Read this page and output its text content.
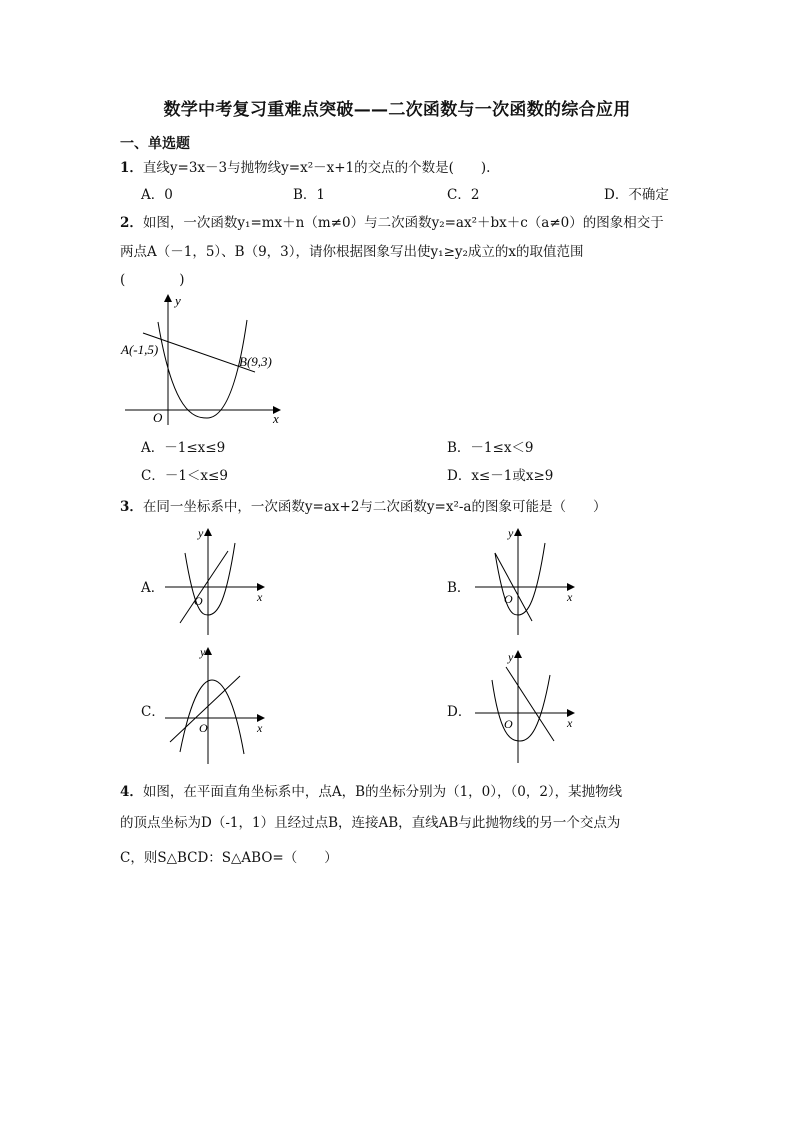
数学中考复习重难点突破——二次函数与一次函数的综合应用
一、单选题
1．直线y=3x－3与抛物线y=x²－x+1的交点的个数是(　　).
A．0	B．1	C．2	D．不确定
2．如图，一次函数y₁=mx＋n（m≠0）与二次函数y₂=ax²＋bx＋c（a≠0）的图象相交于
两点A（－1，5）、B（9，3），请你根据图象写出使y₁≥y₂成立的x的取值范围
(　　　　)
y
x
O
A(-1,5)
B(9,3)
A．－1≤x≤9	B．－1≤x＜9
C．－1＜x≤9	D．x≤－1或x≥9
3．在同一坐标系中，一次函数y=ax+2与二次函数y=x²-a的图象可能是（　　）
A．
y
x
O
B．
y
x
O
C．
y
x
O
D．
y
x
O
4．如图，在平面直角坐标系中，点A，B的坐标分别为（1，0），（0，2），某抛物线
的顶点坐标为D（-1，1）且经过点B，连接AB，直线AB与此抛物线的另一个交点为
C，则S△BCD：S△ABO=（　　）
